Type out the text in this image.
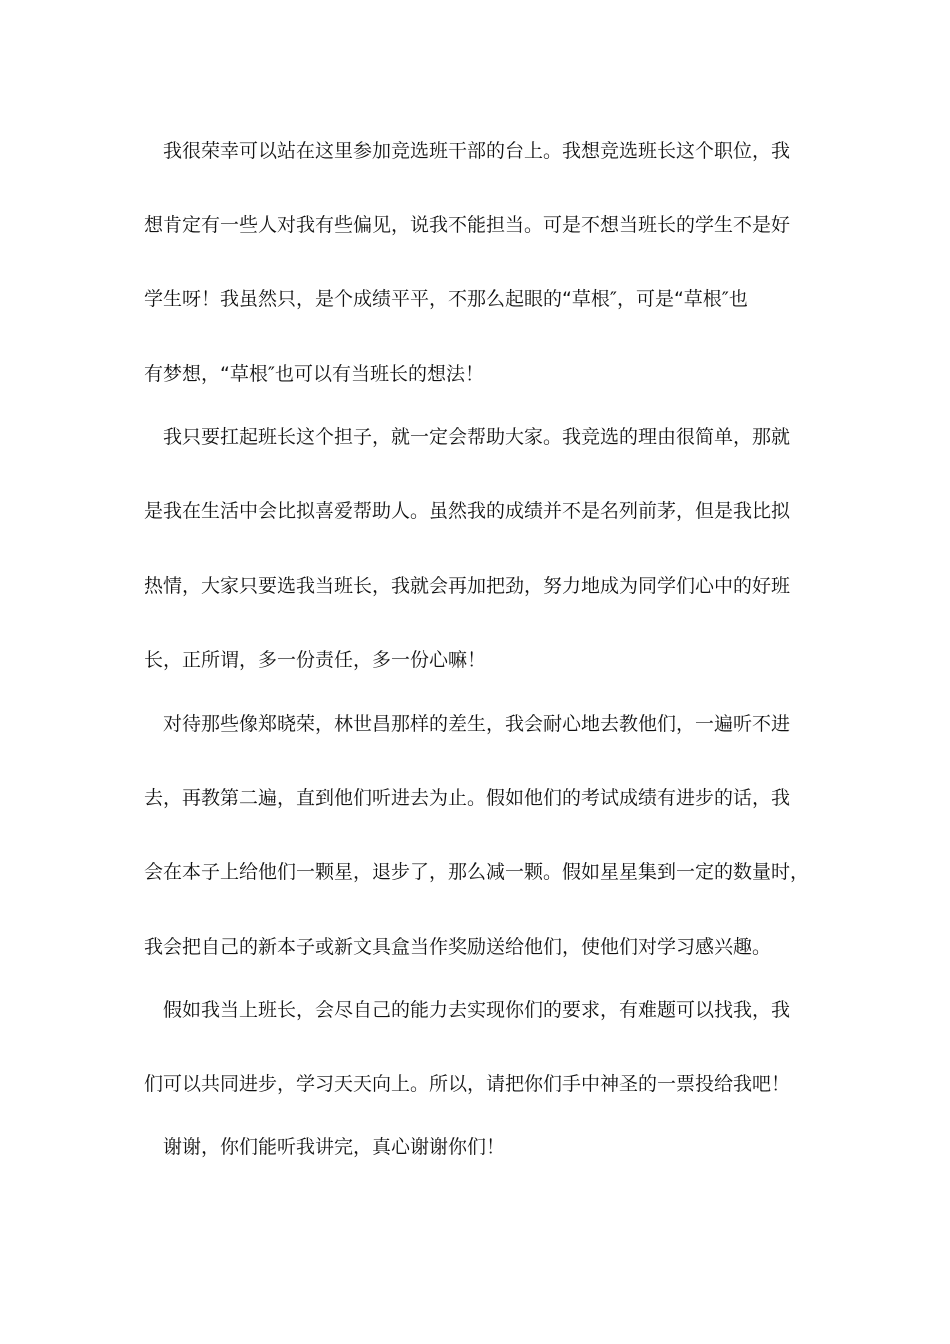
我很荣幸可以站在这里参加竞选班干部的台上。我想竞选班长这个职位，我
想肯定有一些人对我有些偏见，说我不能担当。可是不想当班长的学生不是好
学生呀！我虽然只，是个成绩平平，不那么起眼的“草根″，可是“草根″也
有梦想，“草根″也可以有当班长的想法！
我只要扛起班长这个担子，就一定会帮助大家。我竞选的理由很简单，那就
是我在生活中会比拟喜爱帮助人。虽然我的成绩并不是名列前茅，但是我比拟
热情，大家只要选我当班长，我就会再加把劲，努力地成为同学们心中的好班
长，正所谓，多一份责任，多一份心嘛！
对待那些像郑晓荣，林世昌那样的差生，我会耐心地去教他们，一遍听不进
去，再教第二遍，直到他们听进去为止。假如他们的考试成绩有进步的话，我
会在本子上给他们一颗星，退步了，那么减一颗。假如星星集到一定的数量时，
我会把自己的新本子或新文具盒当作奖励送给他们，使他们对学习感兴趣。
假如我当上班长，会尽自己的能力去实现你们的要求，有难题可以找我，我
们可以共同进步，学习天天向上。所以，请把你们手中神圣的一票投给我吧！
谢谢，你们能听我讲完，真心谢谢你们！
